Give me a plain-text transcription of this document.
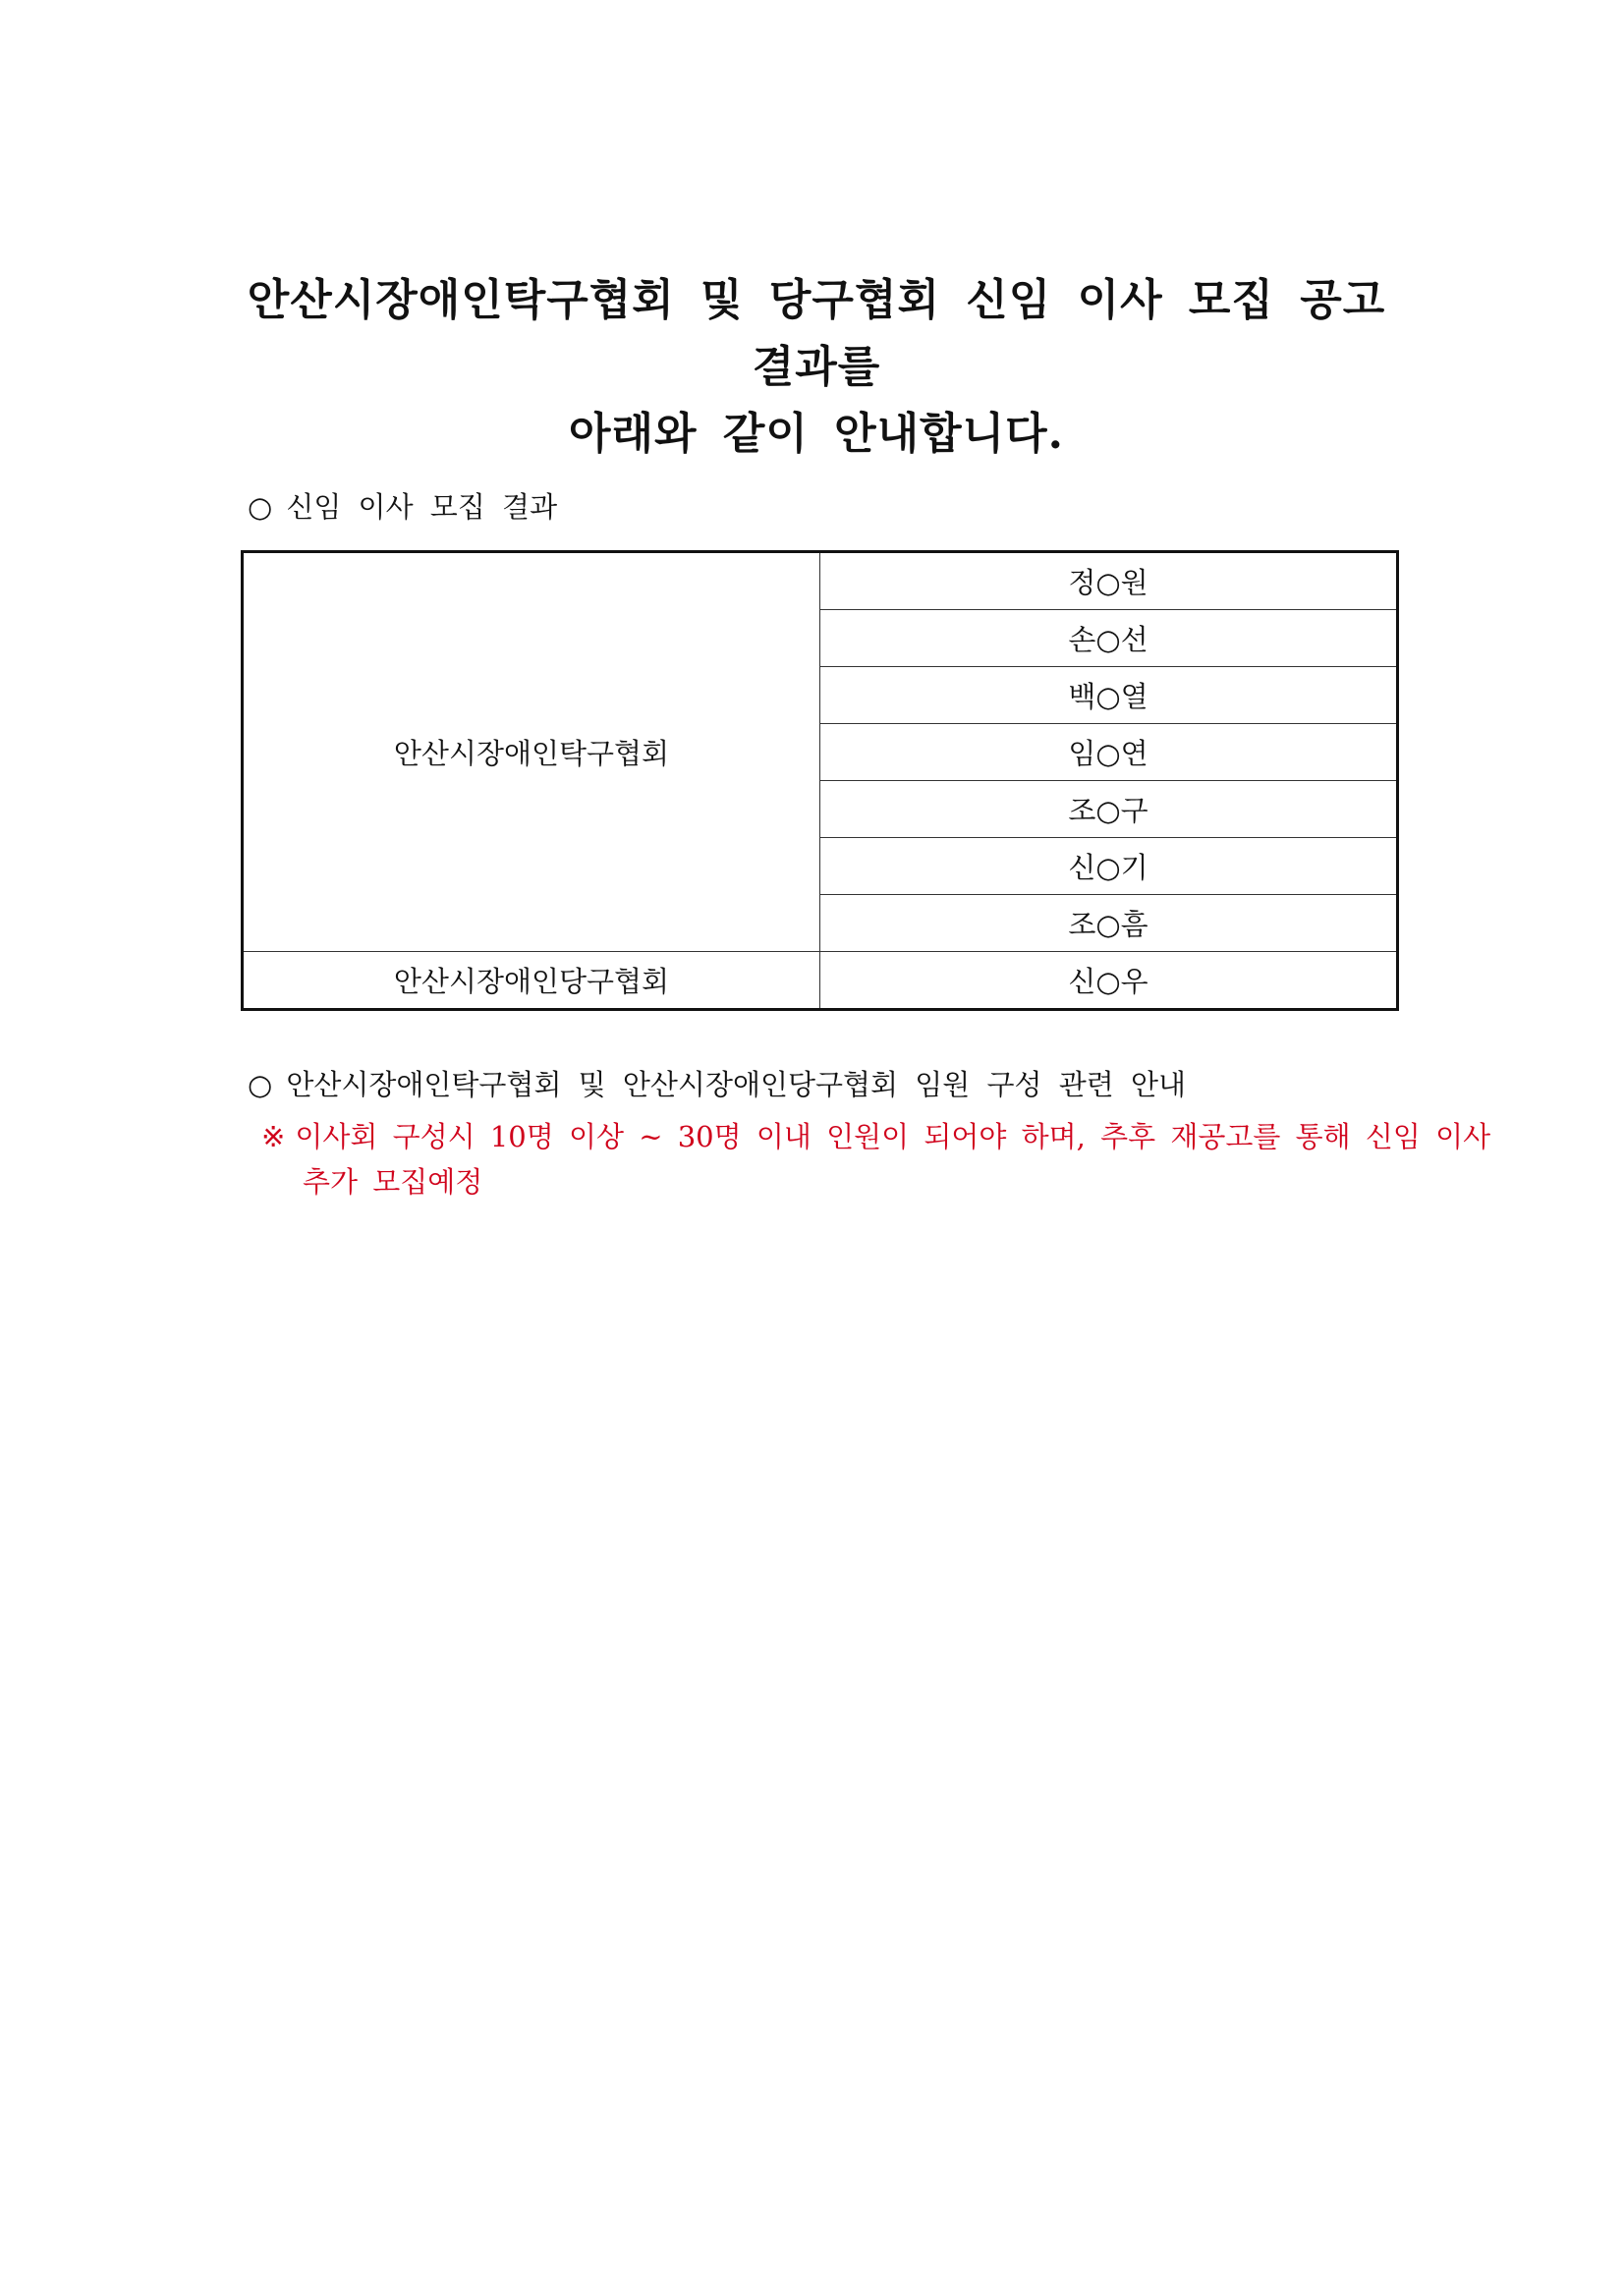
안산시장애인탁구협회 및 당구협회 신임 이사 모집 공고 결과를
아래와 같이 안내합니다.
○ 신임 이사 모집 결과
안산시장애인탁구협회	정○원
	손○선
	백○열
	임○연
	조○구
	신○기
	조○흠
안산시장애인당구협회	신○우
○ 안산시장애인탁구협회 및 안산시장애인당구협회 임원 구성 관련 안내
※ 이사회 구성시 10명 이상 ~ 30명 이내 인원이 되어야 하며, 추후 재공고를 통해 신임 이사
추가 모집예정
